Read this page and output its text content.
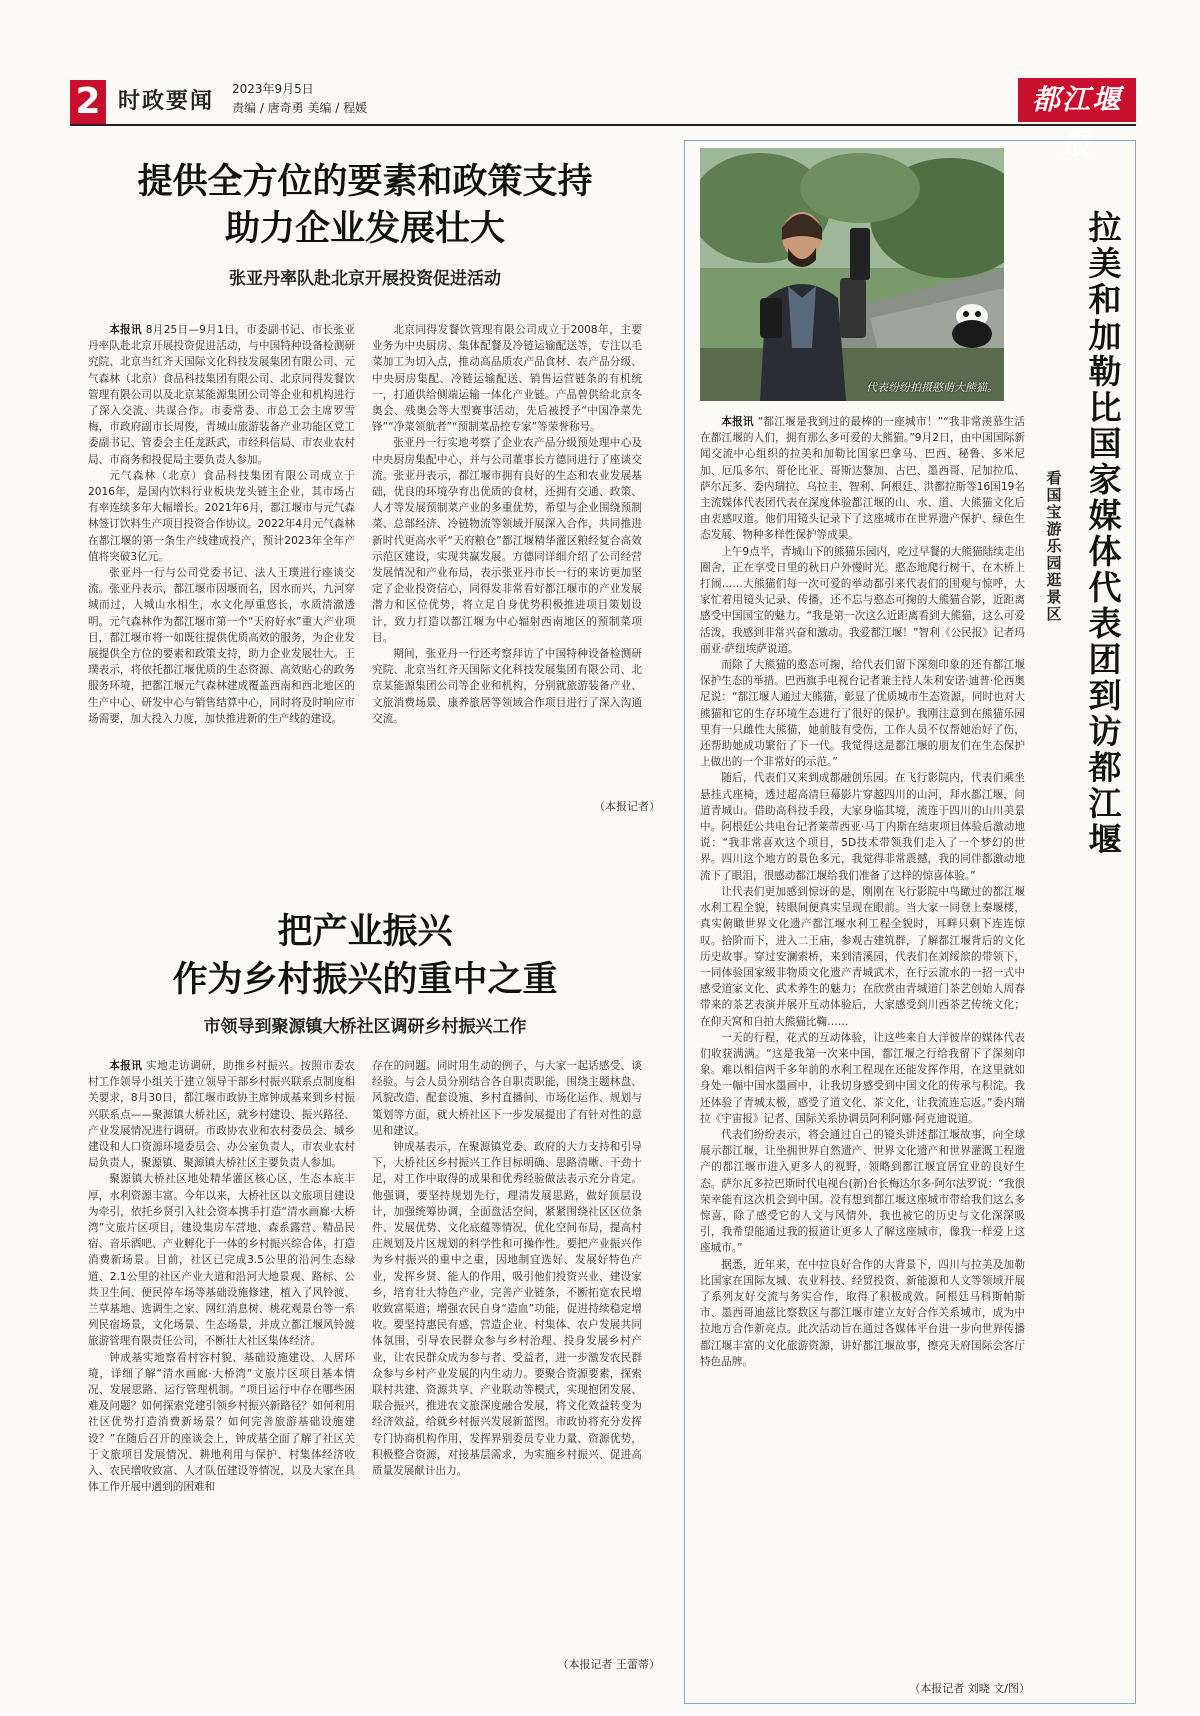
2 时政要闻 2023年9月5日
责编 / 唐奇勇 美编 / 程媛	都江堰报
提供全方位的要素和政策支持
助力企业发展壮大
张亚丹率队赴北京开展投资促进活动

本报讯 8月25日—9月1日，市委副书记、市长张亚丹率队赴北京开展投资促进活动，与中国特种设备检测研究院、北京当红齐天国际文化科技发展集团有限公司、元气森林（北京）食品科技集团有限公司、北京同得发餐饮管理有限公司以及北京某能源集团公司等企业和机构进行了深入交流、共谋合作。市委常委、市总工会主席罗雪梅，市政府副市长周俊，青城山旅游装备产业功能区党工委副书记、管委会主任龙跃武，市经科信局、市农业农村局、市商务和投促局主要负责人参加。

元气森林（北京）食品科技集团有限公司成立于2016年，是国内饮料行业板块龙头链主企业，其市场占有率连续多年大幅增长。2021年6月，都江堰市与元气森林签订饮料生产项目投资合作协议。2022年4月元气森林在都江堰的第一条生产线建成投产，预计2023年全年产值将突破3亿元。

张亚丹一行与公司党委书记、法人王璞进行座谈交流。张亚丹表示，都江堰市因堰而名，因水而兴，九河穿城而过，人城山水相生，水文化厚重悠长，水质清澈透明。元气森林作为都江堰市第一个“天府好水”重大产业项目，都江堰市将一如既往提供优质高效的服务，为企业发展提供全方位的要素和政策支持，助力企业发展壮大。王璞表示，将依托都江堰优质的生态资源、高效贴心的政务服务环境，把都江堰元气森林建成覆盖西南和西北地区的生产中心、研发中心与销售结算中心，同时将及时响应市场需要，加大投入力度，加快推进新的生产线的建设。

北京同得发餐饮管理有限公司成立于2008年，主要业务为中央厨房、集体配餐及冷链运输配送等，专注以毛菜加工为切入点，推动高品质农产品食材、农产品分级、中央厨房集配、冷链运输配送、销售运营链条的有机统一，打通供给侧端运输一体化产业链。产品曾供给北京冬奥会、残奥会等大型赛事活动，先后被授予“中国净菜先锋”“净菜领航者”“预制菜品控专家”等荣誉称号。

张亚丹一行实地考察了企业农产品分级预处理中心及中央厨房集配中心，并与公司董事长方德同进行了座谈交流。张亚丹表示，都江堰市拥有良好的生态和农业发展基础，优良的环境孕育出优质的食材，还拥有交通、政策、人才等发展预制菜产业的多重优势，希望与企业围绕预制菜、总部经济、冷链物流等领域开展深入合作，共同推进新时代更高水平“天府粮仓”都江堰精华灌区粮经复合高效示范区建设，实现共赢发展。方德同详细介绍了公司经营发展情况和产业布局，表示张亚丹市长一行的来访更加坚定了企业投资信心，同得发非常看好都江堰市的产业发展潜力和区位优势，将立足自身优势积极推进项目策划设计，致力打造以都江堰为中心辐射西南地区的预制菜项目。

期间，张亚丹一行还考察拜访了中国特种设备检测研究院、北京当红齐天国际文化科技发展集团有限公司、北京某能源集团公司等企业和机构，分别就旅游装备产业、文旅消费场景、康养旅居等领域合作项目进行了深入沟通交流。

（本报记者）
把产业振兴
作为乡村振兴的重中之重
市领导到聚源镇大桥社区调研乡村振兴工作

本报讯 实地走访调研，助推乡村振兴。按照市委农村工作领导小组关于建立领导干部乡村振兴联系点制度相关要求，8月30日，都江堰市政协主席钟成基来到乡村振兴联系点——聚源镇大桥社区，就乡村建设、振兴路径、产业发展情况进行调研。市政协农业和农村委员会、城乡建设和人口资源环境委员会、办公室负责人，市农业农村局负责人，聚源镇、聚源镇大桥社区主要负责人参加。

聚源镇大桥社区地处精华灌区核心区，生态本底丰厚，水利资源丰富。今年以来，大桥社区以文旅项目建设为牵引，依托乡贤引入社会资本携手打造“清水画廊·大桥湾”文旅片区项目，建设集房车营地、森系露营、精品民宿、音乐酒吧、产业孵化于一体的乡村振兴综合体，打造消费新场景。目前，社区已完成3.5公里的沿河生态绿道、2.1公里的社区产业大道和沿河大地景观、路标、公共卫生间、便民停车场等基础设施修建，植入了风铃渡、兰草基地、选调生之家、网红消息树、桃花观景台等一系列民宿场景，文化场景、生态场景，并成立都江堰风铃渡旅游管理有限责任公司，不断壮大社区集体经济。

钟成基实地察看村容村貌、基础设施建设、人居环境，详细了解“清水画廊·大桥湾”文旅片区项目基本情况、发展思路、运行管理机制。“项目运行中存在哪些困难及问题？如何探索党建引领乡村振兴新路径？如何利用社区优势打造消费新场景？如何完善旅游基础设施建设？”在随后召开的座谈会上，钟成基全面了解了社区关于文旅项目发展情况、耕地利用与保护、村集体经济收入、农民增收致富、人才队伍建设等情况，以及大家在具体工作开展中遇到的困难和

存在的问题。同时用生动的例子，与大家一起话感受、谈经验。与会人员分别结合各自职责职能，围绕主题林盘、风貌改造、配套设施、乡村直播间、市场化运作、规划与策划等方面，就大桥社区下一步发展提出了有针对性的意见和建议。

钟成基表示，在聚源镇党委、政府的大力支持和引导下，大桥社区乡村振兴工作目标明确、思路清晰、干劲十足，对工作中取得的成果和优秀经验做法表示充分肯定。他强调，要坚持规划先行，理清发展思路，做好顶层设计，加强统筹协调，全面盘活空间，紧紧围绕社区区位条件、发展优势、文化底蕴等情况，优化空间布局，提高村庄规划及片区规划的科学性和可操作性。要把产业振兴作为乡村振兴的重中之重，因地制宜选好、发展好特色产业，发挥乡贤、能人的作用，吸引他们投资兴业、建设家乡，培育壮大特色产业，完善产业链条，不断拓宽农民增收致富渠道；增强农民自身“造血”功能，促进持续稳定增收。要坚持惠民有感，营造企业、村集体、农户发展共同体氛围，引导农民群众参与乡村治理、投身发展乡村产业，让农民群众成为参与者、受益者，进一步激发农民群众参与乡村产业发展的内生动力。要聚合资源要素，探索联村共建、资源共享、产业联动等模式，实现抱团发展、联合振兴，推进农文旅深度融合发展，将文化效益转变为经济效益，给就乡村振兴发展新蓝图。市政协将充分发挥专门协商机构作用，发挥界别委员专业力量、资源优势，积极整合资源，对接基层需求，为实施乡村振兴、促进高质量发展献计出力。

（本报记者 王蕾蒂）
代表纷纷拍摄憨萌大熊猫。
拉美和加勒比国家媒体代表团到访都江堰
看国宝 游乐园 逛景区

本报讯 “都江堰是我到过的最棒的一座城市！”“我非常羡慕生活在都江堰的人们，拥有那么多可爱的大熊猫。”9月2日，由中国国际新闻交流中心组织的拉美和加勒比国家巴拿马、巴西、秘鲁、多米尼加、厄瓜多尔、哥伦比亚、哥斯达黎加、古巴、墨西哥、尼加拉瓜、萨尔瓦多、委内瑞拉、乌拉圭、智利、阿根廷、洪都拉斯等16国19名主流媒体代表团代表在深度体验都江堰的山、水、道、大熊猫文化后由衷感叹道。他们用镜头记录下了这座城市在世界遗产保护、绿色生态发展、物种多样性保护等成果。

上午9点半，青城山下的熊猫乐园内，吃过早餐的大熊猫陆续走出圈舍，正在享受日里的秋日户外慢时光。憨态地爬行树干、在木桥上打闹……大熊猫们每一次可爱的举动都引来代表们的围观与惊呼，大家忙着用镜头记录、传播，还不忘与憨态可掬的大熊猫合影，近距离感受中国国宝的魅力。“我是第一次这么近距离看到大熊猫，这么可爱活泼，我感到非常兴奋和激动。我爱都江堰！”智利《公民报》记者玛丽亚·萨纽埃萨说道。

而除了大熊猫的憨态可掬，给代表们留下深刻印象的还有都江堰保护生态的举措。巴西旗手电视台记者兼主持人朱利安诺·迪普·伦西奥尼说：“都江堰人通过大熊猫，彰显了优质城市生态资源，同时也对大熊猫和它的生存环境生态进行了很好的保护。我刚注意到在熊猫乐园里有一只雌性大熊猫，她前肢有受伤，工作人员不仅帮她治好了伤，还帮助她成功繁衍了下一代。我觉得这是都江堰的朋友们在生态保护上做出的一个非常好的示范。”

随后，代表们又来到成都融创乐园。在飞行影院内，代表们乘坐悬挂式座椅，透过超高清巨幕影片穿越四川的山河，拜水都江堰，问道青城山。借助高科技手段，大家身临其境，流连于四川的山川美景中。阿根廷公共电台记者莱蒂西亚·马丁内斯在结束项目体验后激动地说：“我非常喜欢这个项目，5D技术带领我们走入了一个梦幻的世界。四川这个地方的景色多元，我觉得非常震撼，我的同伴都激动地流下了眼泪，很感动都江堰给我们准备了这样的惊喜体验。”

让代表们更加感到惊讶的是，刚刚在飞行影院中鸟瞰过的都江堰水利工程全貌，转眼间便真实呈现在眼前。当大家一同登上秦堰楼，真实俯瞰世界文化遗产都江堰水利工程全貌时，耳畔只剩下连连惊叹。拾阶而下，进入二王庙，参观古建筑群，了解都江堰背后的文化历史故事。穿过安澜索桥，来到清溪园，代表们在刘绥滨的带领下，一同体验国家级非物质文化遗产青城武术，在行云流水的一招一式中感受道家文化、武术养生的魅力；在欣赏由青城道门茶艺创始人周春带来的茶艺表演并展开互动体验后，大家感受到川西茶艺传统文化；在仰天窝和自拍大熊猫比鞠……

一天的行程，花式的互动体验，让这些来自大洋彼岸的媒体代表们收获满满。“这是我第一次来中国，都江堰之行给我留下了深刻印象。难以相信两千多年前的水利工程现在还能发挥作用，在这里就如身处一幅中国水墨画中，让我切身感受到中国文化的传承与积淀。我还体验了青城太极，感受了道文化、茶文化，让我流连忘返。”委内瑞拉《宇宙报》记者、国际关系协调员阿利阿娜·阿克迪说道。

代表们纷纷表示，将会通过自己的镜头讲述都江堰故事，向全球展示都江堰，让坐拥世界自然遗产、世界文化遗产和世界灌溉工程遗产的都江堰市进入更多人的视野，领略到都江堰宜居宜业的良好生态。萨尔瓦多拉巴斯时代电视台(新)台长梅达尔多·阿尔法罗说：“我很荣幸能有这次机会到中国。没有想到都江堰这座城市带给我们这么多惊喜，除了感受它的人文与风情外，我也被它的历史与文化深深吸引，我希望能通过我的报道让更多人了解这座城市，像我一样爱上这座城市。”

据悉，近年来，在中拉良好合作的大背景下，四川与拉美及加勒比国家在国际友城、农业科技、经贸投资、新能源和人文等领域开展了系列友好交流与务实合作，取得了积极成效。阿根廷马科斯帕斯市、墨西哥迪兹比察数区与都江堰市建立友好合作关系城市，成为中拉地方合作新亮点。此次活动旨在通过各媒体平台进一步向世界传播都江堰丰富的文化旅游资源，讲好都江堰故事，擦亮天府国际会客厅特色品牌。

（本报记者 刘晓 文/图）
